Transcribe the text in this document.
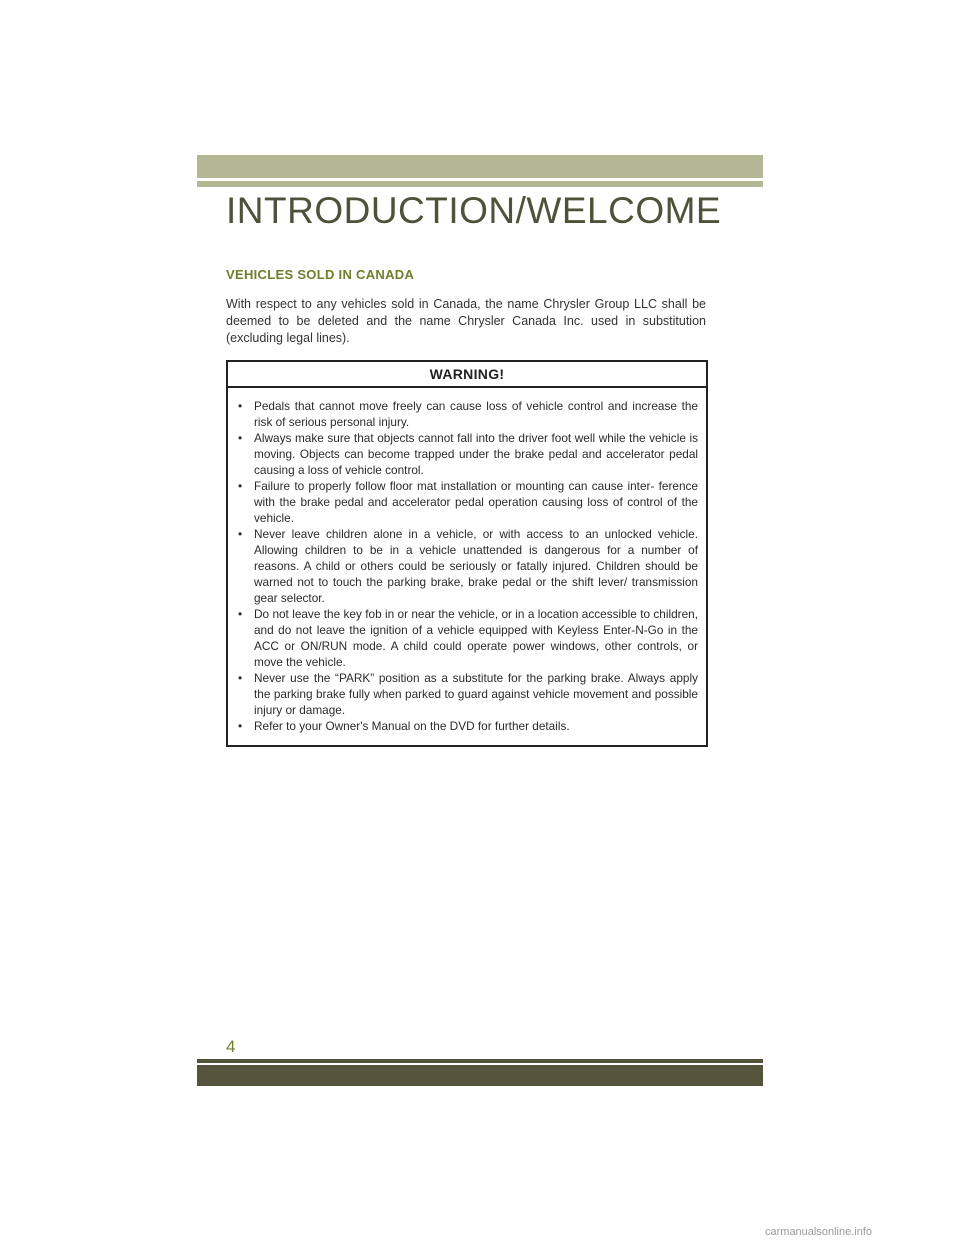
INTRODUCTION/WELCOME
VEHICLES SOLD IN CANADA

With respect to any vehicles sold in Canada, the name Chrysler Group LLC shall be deemed to be deleted and the name Chrysler Canada Inc. used in substitution (excluding legal lines).

WARNING!
• Pedals that cannot move freely can cause loss of vehicle control and increase the risk of serious personal injury.
• Always make sure that objects cannot fall into the driver foot well while the vehicle is moving. Objects can become trapped under the brake pedal and accelerator pedal causing a loss of vehicle control.
• Failure to properly follow floor mat installation or mounting can cause inter- ference with the brake pedal and accelerator pedal operation causing loss of control of the vehicle.
• Never leave children alone in a vehicle, or with access to an unlocked vehicle. Allowing children to be in a vehicle unattended is dangerous for a number of reasons. A child or others could be seriously or fatally injured. Children should be warned not to touch the parking brake, brake pedal or the shift lever/ transmission gear selector.
• Do not leave the key fob in or near the vehicle, or in a location accessible to children, and do not leave the ignition of a vehicle equipped with Keyless Enter-N-Go in the ACC or ON/RUN mode. A child could operate power windows, other controls, or move the vehicle.
• Never use the “PARK” position as a substitute for the parking brake. Always apply the parking brake fully when parked to guard against vehicle movement and possible injury or damage.
• Refer to your Owner's Manual on the DVD for further details.
4
carmanualsonline.info
